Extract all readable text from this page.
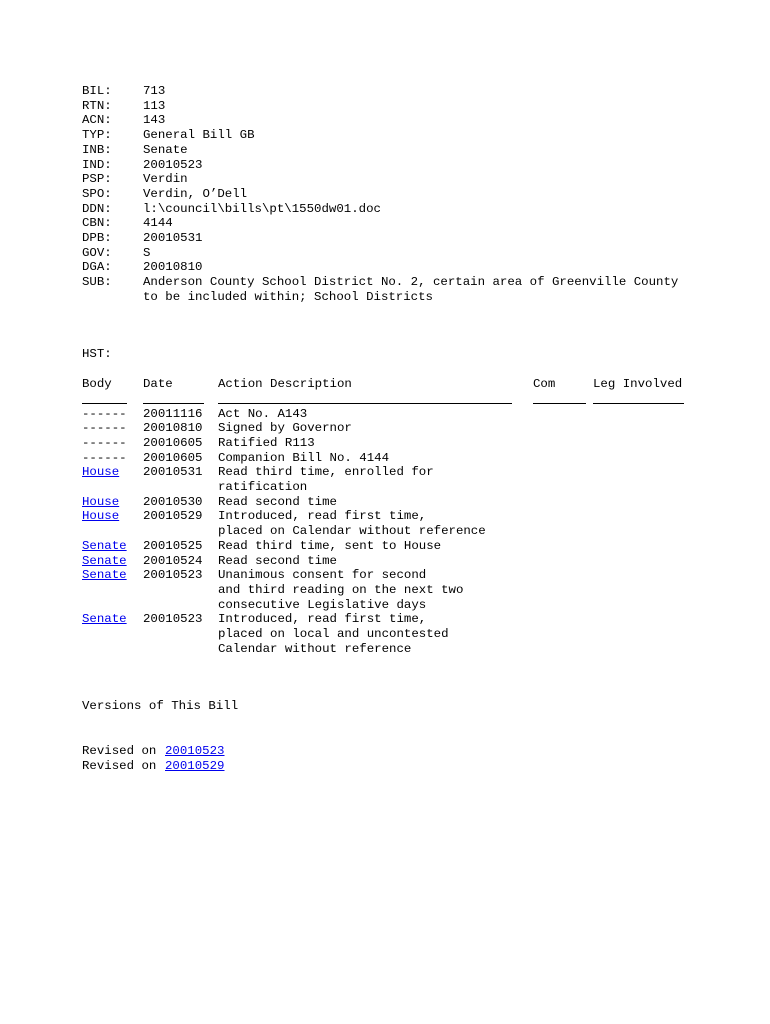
BIL:	713
RTN:	113
ACN:	143
TYP:	General Bill GB
INB:	Senate
IND:	20010523
PSP:	Verdin
SPO:	Verdin, O’Dell
DDN:	l:\council\bills\pt\1550dw01.doc
CBN:	4144
DPB:	20010531
GOV:	S
DGA:	20010810
SUB:	Anderson County School District No. 2, certain area of Greenville County
to be included within; School Districts
HST:
Body	Date	Action Description	Com	Leg Involved
------ 20011116 Act No. A143
------ 20010810 Signed by Governor
------ 20010605 Ratified R113
------ 20010605 Companion Bill No. 4144
House 20010531 Read third time, enrolled for
ratification
House 20010530 Read second time
House 20010529 Introduced, read first time,
placed on Calendar without reference
Senate 20010525 Read third time, sent to House
Senate 20010524 Read second time
Senate 20010523 Unanimous consent for second
and third reading on the next two
consecutive Legislative days
Senate 20010523 Introduced, read first time,
placed on local and uncontested
Calendar without reference
Versions of This Bill
Revised on 20010523
Revised on 20010529
